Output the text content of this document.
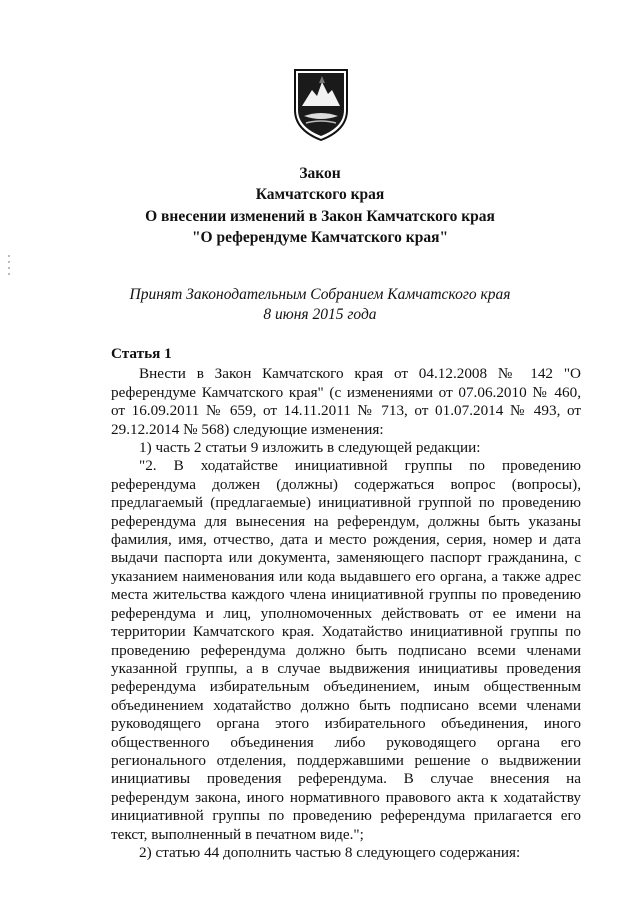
Закон
Камчатского края
О внесении изменений в Закон Камчатского края
"О референдуме Камчатского края"
Принят Законодательным Собранием Камчатского края
8 июня 2015 года

Статья 1

Внести в Закон Камчатского края от 04.12.2008 № 142 "О референдуме Камчатского края" (с изменениями от 07.06.2010 № 460, от 16.09.2011 № 659, от 14.11.2011 № 713, от 01.07.2014 № 493, от 29.12.2014 № 568) следующие изменения:

1) часть 2 статьи 9 изложить в следующей редакции:

"2. В ходатайстве инициативной группы по проведению референдума должен (должны) содержаться вопрос (вопросы), предлагаемый (предлагаемые) инициативной группой по проведению референдума для вынесения на референдум, должны быть указаны фамилия, имя, отчество, дата и место рождения, серия, номер и дата выдачи паспорта или документа, заменяющего паспорт гражданина, с указанием наименования или кода выдавшего его органа, а также адрес места жительства каждого члена инициативной группы по проведению референдума и лиц, уполномоченных действовать от ее имени на территории Камчатского края. Ходатайство инициативной группы по проведению референдума должно быть подписано всеми членами указанной группы, а в случае выдвижения инициативы проведения референдума избирательным объединением, иным общественным объединением ходатайство должно быть подписано всеми членами руководящего органа этого избирательного объединения, иного общественного объединения либо руководящего органа его регионального отделения, поддержавшими решение о выдвижении инициативы проведения референдума. В случае внесения на референдум закона, иного нормативного правового акта к ходатайству инициативной группы по проведению референдума прилагается его текст, выполненный в печатном виде.";

2) статью 44 дополнить частью 8 следующего содержания:
